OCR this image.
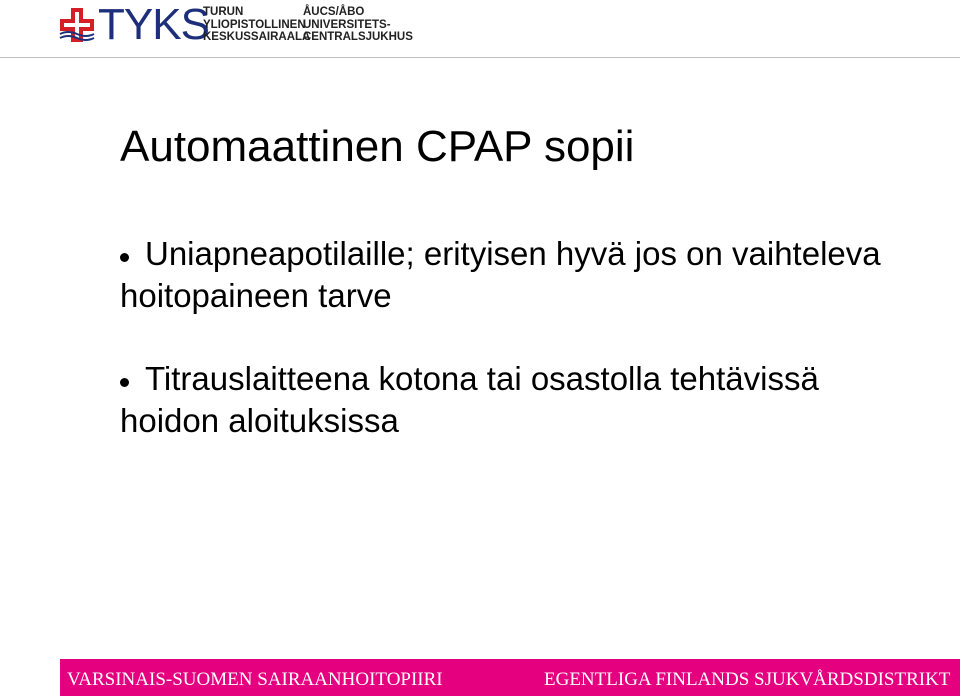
TYKS
TURUN
YLIOPISTOLLINEN
KESKUSSAIRAALA
ÅUCS/ÅBO
UNIVERSITETS-
CENTRALSJUKHUS
Automaattinen CPAP sopii
Uniapneapotilaille; erityisen hyvä jos on vaihteleva hoitopaineen tarve
Titrauslaitteena kotona tai osastolla tehtävissä hoidon aloituksissa
VARSINAIS-SUOMEN SAIRAANHOITOPIIRI	EGENTLIGA FINLANDS SJUKVÅRDSDISTRIKT
